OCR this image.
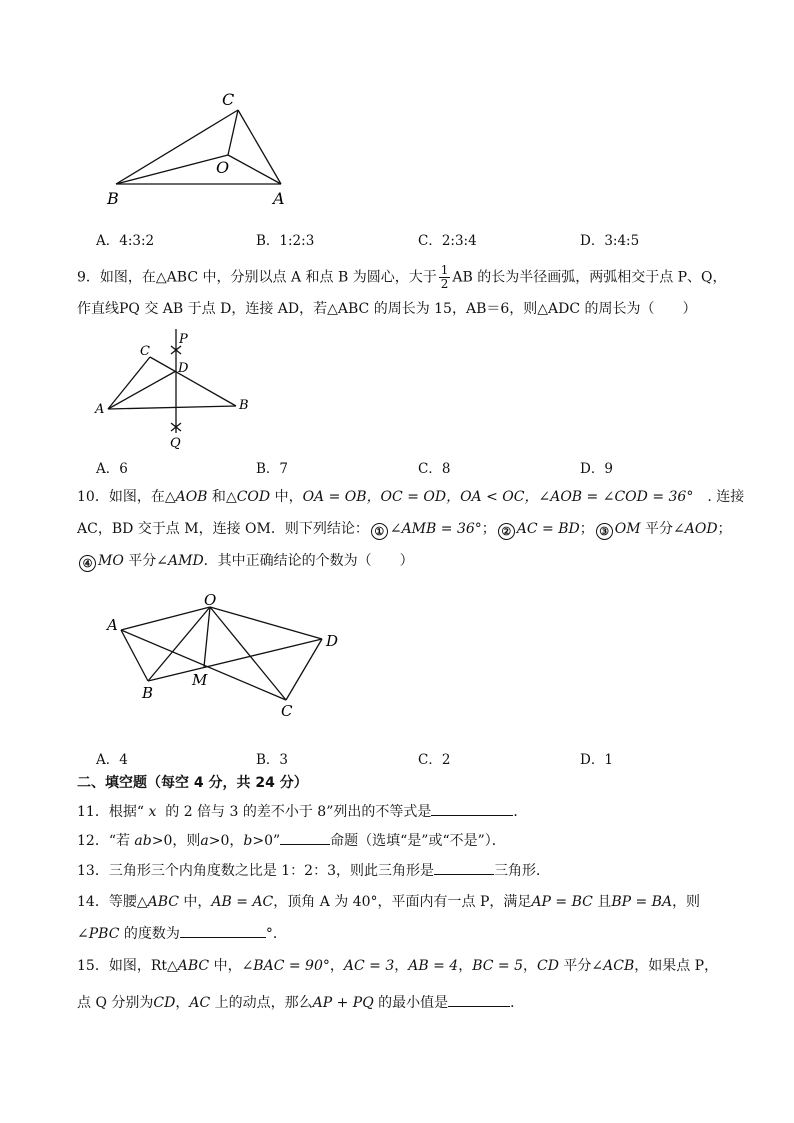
C
O
B	A
A．4:3:2	B．1:2:3	C．2:3:4	D．3:4:5
9．如图，在△ABC 中，分别以点 A 和点 B 为圆心，大于 $\frac{1}{2}$ AB 的长为半径画弧，两弧相交于点 P、Q，
作直线PQ 交 AB 于点 D，连接 AD，若△ABC 的周长为 15，AB＝6，则△ADC 的周长为（　　）
P
C
D
A	B
Q
A．6	B．7	C．8	D．9
10．如图，在△AOB 和△COD 中，OA = OB，OC = OD，OA < OC，∠AOB = ∠COD = 36°　. 连接
AC，BD 交于点 M，连接 OM．则下列结论： ① ∠AMB = 36°； ② AC = BD； ③ OM 平分∠AOD；
④ MO 平分∠AMD．其中正确结论的个数为（　　）
O
A
D
B
M
C
A．4	B．3	C．2	D．1
二、填空题（每空 4 分，共 24 分）
11．根据“ x  的 2 倍与 3 的差不小于 8”列出的不等式是	．
12．“若 ab>0，则a>0，b>0”	命题（选填“是”或“不是”）．
13．三角形三个内角度数之比是 1：2：3，则此三角形是	三角形．
14．等腰△ABC 中，AB = AC，顶角 A 为 40°，平面内有一点 P，满足AP = BC 且BP = BA，则
∠PBC 的度数为	°．
15．如图，Rt△ABC 中，∠BAC = 90°，AC = 3，AB = 4，BC = 5，CD 平分∠ACB，如果点 P，
点 Q 分别为CD，AC 上的动点，那么AP + PQ 的最小值是	．
